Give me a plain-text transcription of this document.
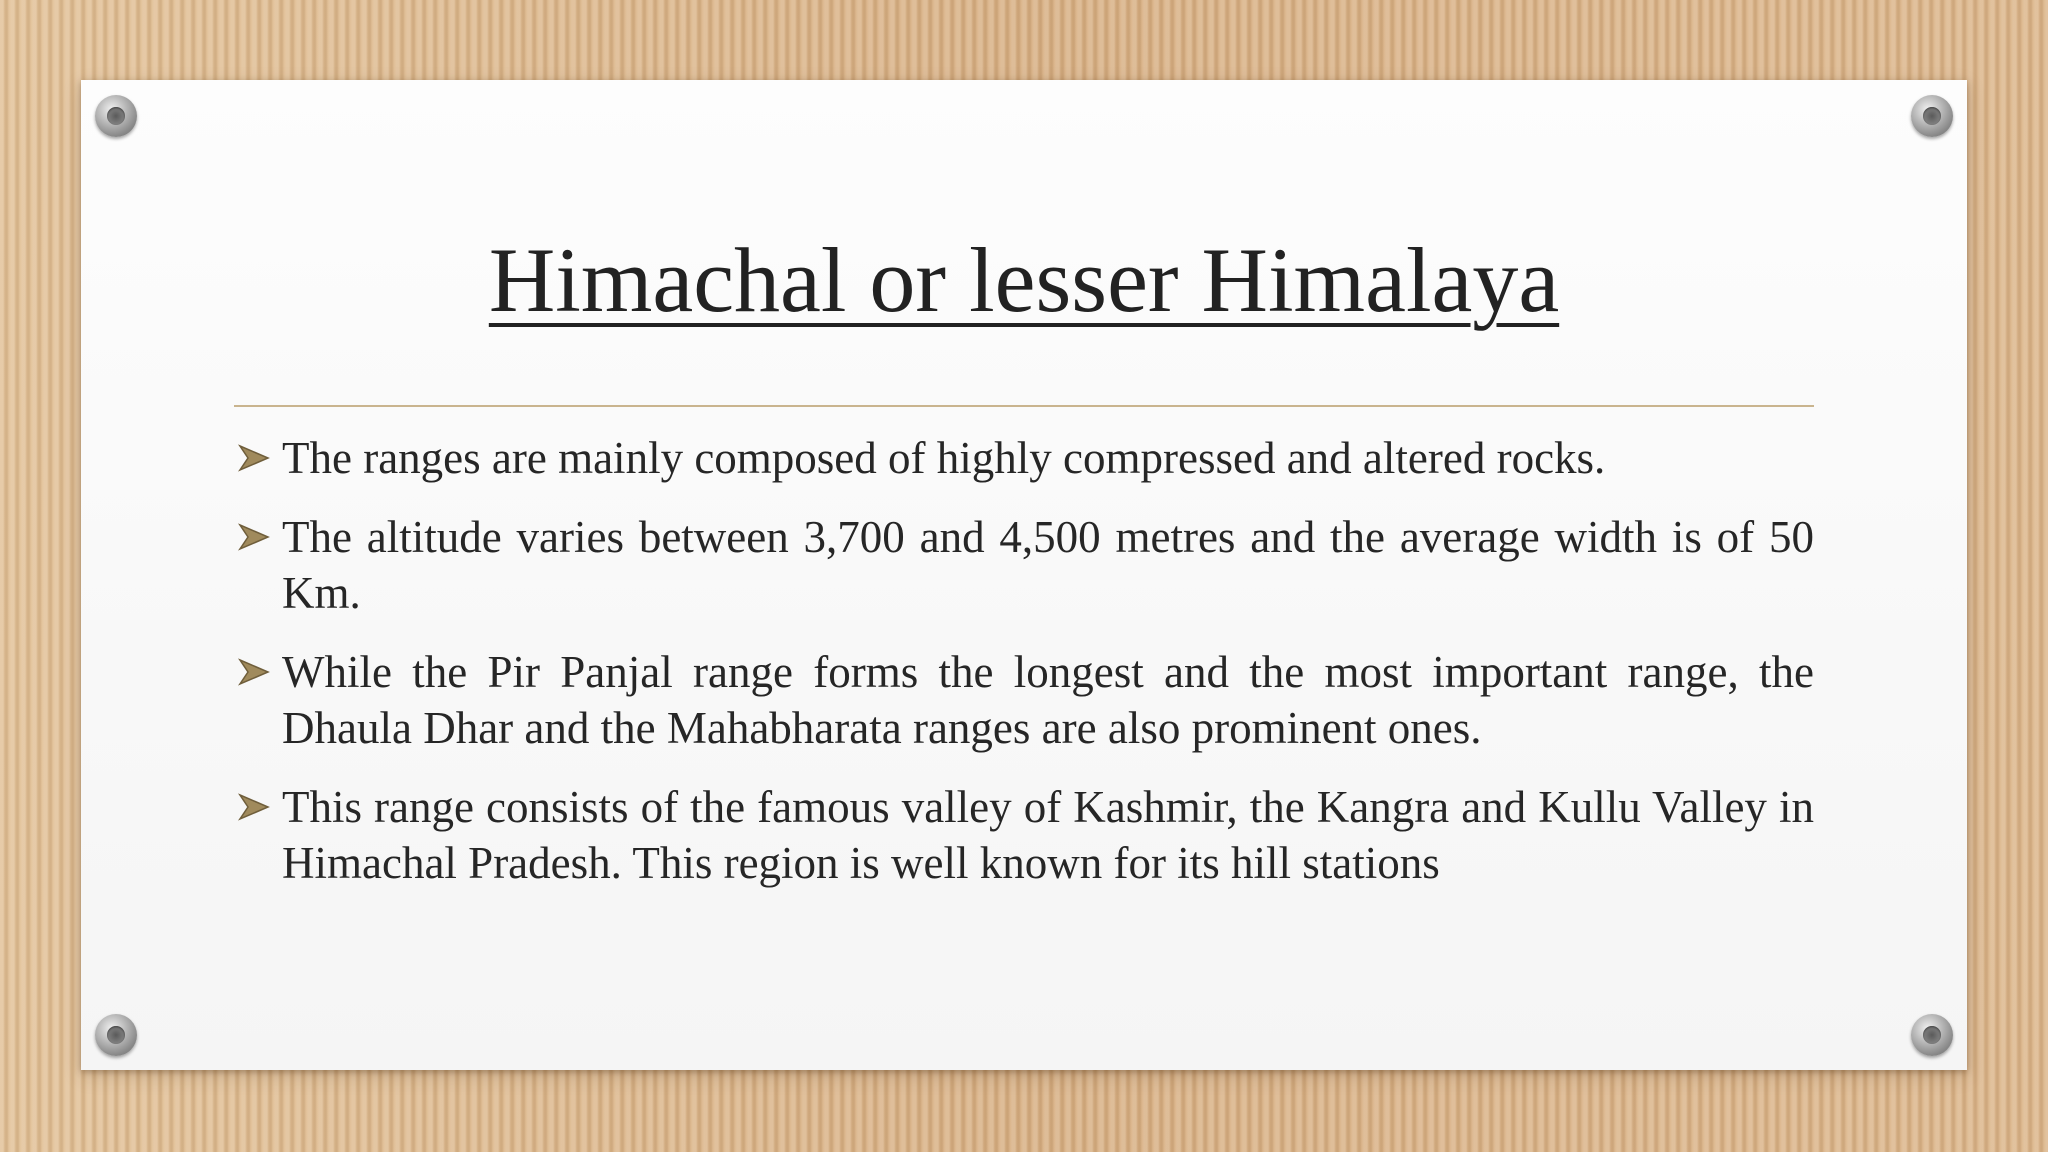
Himachal or lesser Himalaya
The ranges are mainly composed of highly compressed and altered rocks.
The altitude varies between 3,700 and 4,500 metres and the average width is of 50 Km.
While the Pir Panjal range forms the longest and the most important range, the Dhaula Dhar and the Mahabharata ranges are also prominent ones.
This range consists of the famous valley of Kashmir, the Kangra and Kullu Valley in Himachal Pradesh. This region is well known for its hill stations
